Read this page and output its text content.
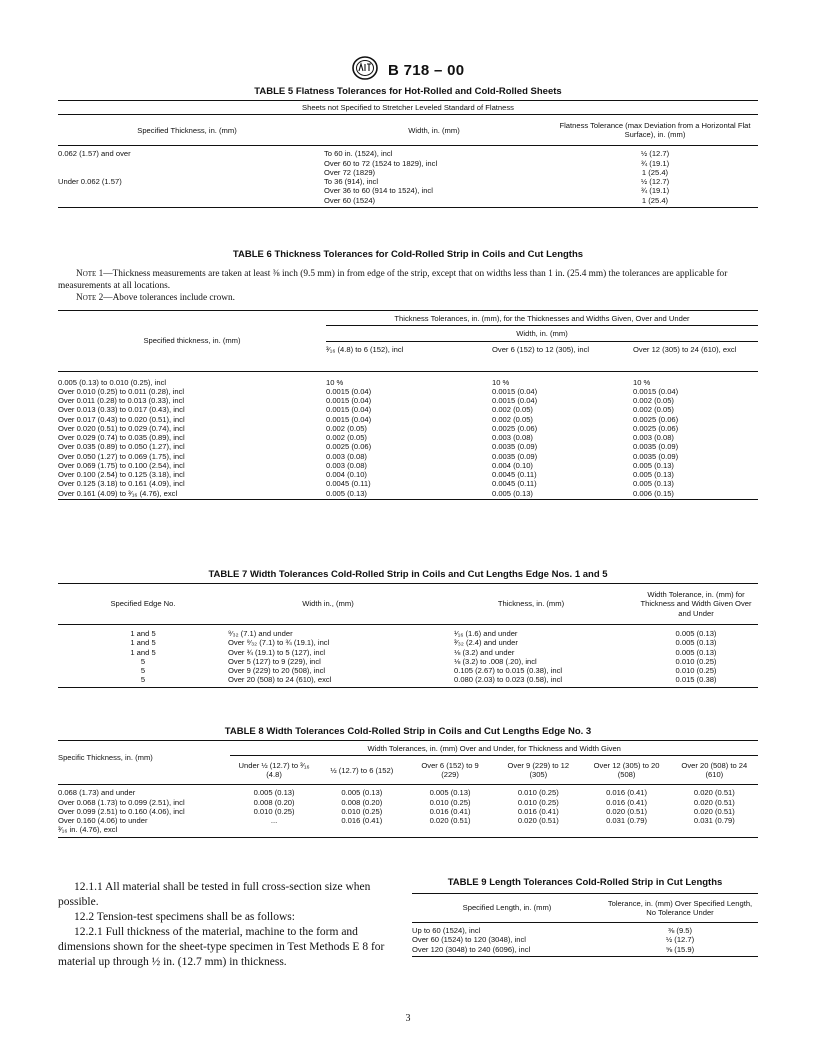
B 718 – 00
TABLE 5 Flatness Tolerances for Hot-Rolled and Cold-Rolled Sheets
Sheets not Specified to Stretcher Leveled Standard of Flatness		
Specified Thickness, in. (mm)	Width, in. (mm)	Flatness Tolerance (max Deviation from a Horizontal Flat Surface), in. (mm)
0.062 (1.57) and over	To 60 in. (1524), incl	½ (12.7)
	Over 60 to 72 (1524 to 1829), incl	¾ (19.1)
	Over 72 (1829)	1 (25.4)
Under 0.062 (1.57)	To 36 (914), incl	½ (12.7)
	Over 36 to 60 (914 to 1524), incl	¾ (19.1)
	Over 60 (1524)	1 (25.4)
TABLE 6 Thickness Tolerances for Cold-Rolled Strip in Coils and Cut Lengths
Note 1—Thickness measurements are taken at least ⅜ inch (9.5 mm) in from edge of the strip, except that on widths less than 1 in. (25.4 mm) the tolerances are applicable for measurements at all locations.
Note 2—Above tolerances include crown.
Specified thickness, in. (mm)	Thickness Tolerances, in. (mm), for the Thicknesses and Widths Given, Over and Under		
	Width, in. (mm)		
	³⁄₁₆ (4.8) to 6 (152), incl	Over 6 (152) to 12 (305), incl	Over 12 (305) to 24 (610), excl
0.005 (0.13) to 0.010 (0.25), incl	10 %	10 %	10 %
Over 0.010 (0.25) to 0.011 (0.28), incl	0.0015 (0.04)	0.0015 (0.04)	0.0015 (0.04)
Over 0.011 (0.28) to 0.013 (0.33), incl	0.0015 (0.04)	0.0015 (0.04)	0.002 (0.05)
Over 0.013 (0.33) to 0.017 (0.43), incl	0.0015 (0.04)	0.002 (0.05)	0.002 (0.05)
Over 0.017 (0.43) to 0.020 (0.51), incl	0.0015 (0.04)	0.002 (0.05)	0.0025 (0.06)
Over 0.020 (0.51) to 0.029 (0.74), incl	0.002 (0.05)	0.0025 (0.06)	0.0025 (0.06)
Over 0.029 (0.74) to 0.035 (0.89), incl	0.002 (0.05)	0.003 (0.08)	0.003 (0.08)
Over 0.035 (0.89) to 0.050 (1.27), incl	0.0025 (0.06)	0.0035 (0.09)	0.0035 (0.09)
Over 0.050 (1.27) to 0.069 (1.75), incl	0.003 (0.08)	0.0035 (0.09)	0.0035 (0.09)
Over 0.069 (1.75) to 0.100 (2.54), incl	0.003 (0.08)	0.004 (0.10)	0.005 (0.13)
Over 0.100 (2.54) to 0.125 (3.18), incl	0.004 (0.10)	0.0045 (0.11)	0.005 (0.13)
Over 0.125 (3.18) to 0.161 (4.09), incl	0.0045 (0.11)	0.0045 (0.11)	0.005 (0.13)
Over 0.161 (4.09) to ³⁄₁₆ (4.76), excl	0.005 (0.13)	0.005 (0.13)	0.006 (0.15)
TABLE 7 Width Tolerances Cold-Rolled Strip in Coils and Cut Lengths Edge Nos. 1 and 5
Specified Edge No.	Width in., (mm)	Thickness, in. (mm)	Width Tolerance, in. (mm) for Thickness and Width Given Over and Under
1 and 5	⁹⁄₃₂ (7.1) and under	¹⁄₁₆ (1.6) and under	0.005 (0.13)
1 and 5	Over ⁹⁄₃₂ (7.1) to ¾ (19.1), incl	³⁄₃₂ (2.4) and under	0.005 (0.13)
1 and 5	Over ¾ (19.1) to 5 (127), incl	⅛ (3.2) and under	0.005 (0.13)
5	Over 5 (127) to 9 (229), incl	⅛ (3.2) to .008 (.20), incl	0.010 (0.25)
5	Over 9 (229) to 20 (508), incl	0.105 (2.67) to 0.015 (0.38), incl	0.010 (0.25)
5	Over 20 (508) to 24 (610), excl	0.080 (2.03) to 0.023 (0.58), incl	0.015 (0.38)
TABLE 8 Width Tolerances Cold-Rolled Strip in Coils and Cut Lengths Edge No. 3
Specific Thickness, in. (mm)	Width Tolerances, in. (mm) Over and Under, for Thickness and Width Given					
	Under ½ (12.7) to ³⁄₁₆ (4.8)	½ (12.7) to 6 (152)	Over 6 (152) to 9 (229)	Over 9 (229) to 12 (305)	Over 12 (305) to 20 (508)	Over 20 (508) to 24 (610)
0.068 (1.73) and under	0.005 (0.13)	0.005 (0.13)	0.005 (0.13)	0.010 (0.25)	0.016 (0.41)	0.020 (0.51)
Over 0.068 (1.73) to 0.099 (2.51), incl	0.008 (0.20)	0.008 (0.20)	0.010 (0.25)	0.010 (0.25)	0.016 (0.41)	0.020 (0.51)
Over 0.099 (2.51) to 0.160 (4.06), incl	0.010 (0.25)	0.010 (0.25)	0.016 (0.41)	0.016 (0.41)	0.020 (0.51)	0.020 (0.51)
Over 0.160 (4.06) to under	...	0.016 (0.41)	0.020 (0.51)	0.020 (0.51)	0.031 (0.79)	0.031 (0.79)
³⁄₁₆ in. (4.76), excl						

12.1.1 All material shall be tested in full cross-section size when possible.

12.2 Tension-test specimens shall be as follows:

12.2.1 Full thickness of the material, machine to the form and dimensions shown for the sheet-type specimen in Test Methods E 8 for material up through ½ in. (12.7 mm) in thickness.

TABLE 9 Length Tolerances Cold-Rolled Strip in Cut Lengths
Specified Length, in. (mm)	Tolerance, in. (mm) Over Specified Length, No Tolerance Under
Up to 60 (1524), incl	⅜ (9.5)
Over 60 (1524) to 120 (3048), incl	½ (12.7)
Over 120 (3048) to 240 (6096), incl	⅝ (15.9)
3
